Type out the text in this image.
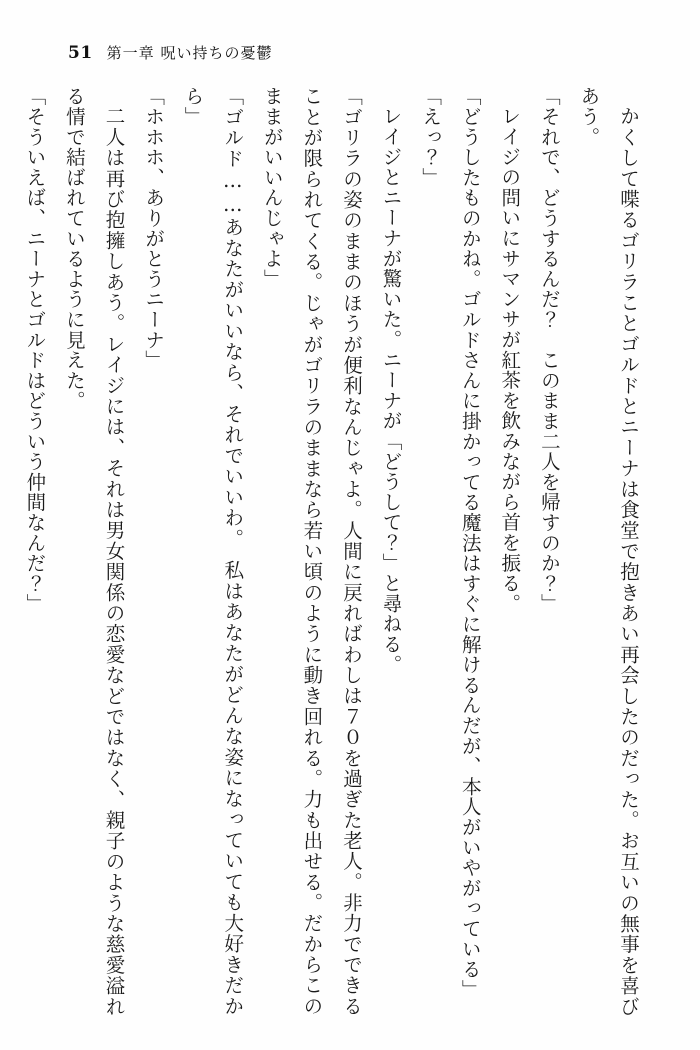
51 第一章 呪い持ちの憂鬱

かくして喋るゴリラことゴルドとニーナは食堂で抱きあい再会したのだった。お互いの無事を喜びあう。

「それで、どうするんだ？　このまま二人を帰すのか？」

レイジの問いにサマンサが紅茶を飲みながら首を振る。

「どうしたものかね。ゴルドさんに掛かってる魔法はすぐに解けるんだが、本人がいやがっている」

「えっ？」

レイジとニーナが驚いた。ニーナが「どうして？」と尋ねる。

「ゴリラの姿のままのほうが便利なんじゃよ。人間に戻ればわしは７０を過ぎた老人。非力でできることが限られてくる。じゃがゴリラのままなら若い頃のように動き回れる。力も出せる。だからこのままがいいんじゃよ」

「ゴルド……あなたがいいなら、それでいいわ。　私はあなたがどんな姿になっていても大好きだから」

「ホホホ、ありがとうニーナ」

二人は再び抱擁しあう。レイジには、それは男女関係の恋愛などではなく、親子のような慈愛溢れる情で結ばれているように見えた。

「そういえば、ニーナとゴルドはどういう仲間なんだ？」
